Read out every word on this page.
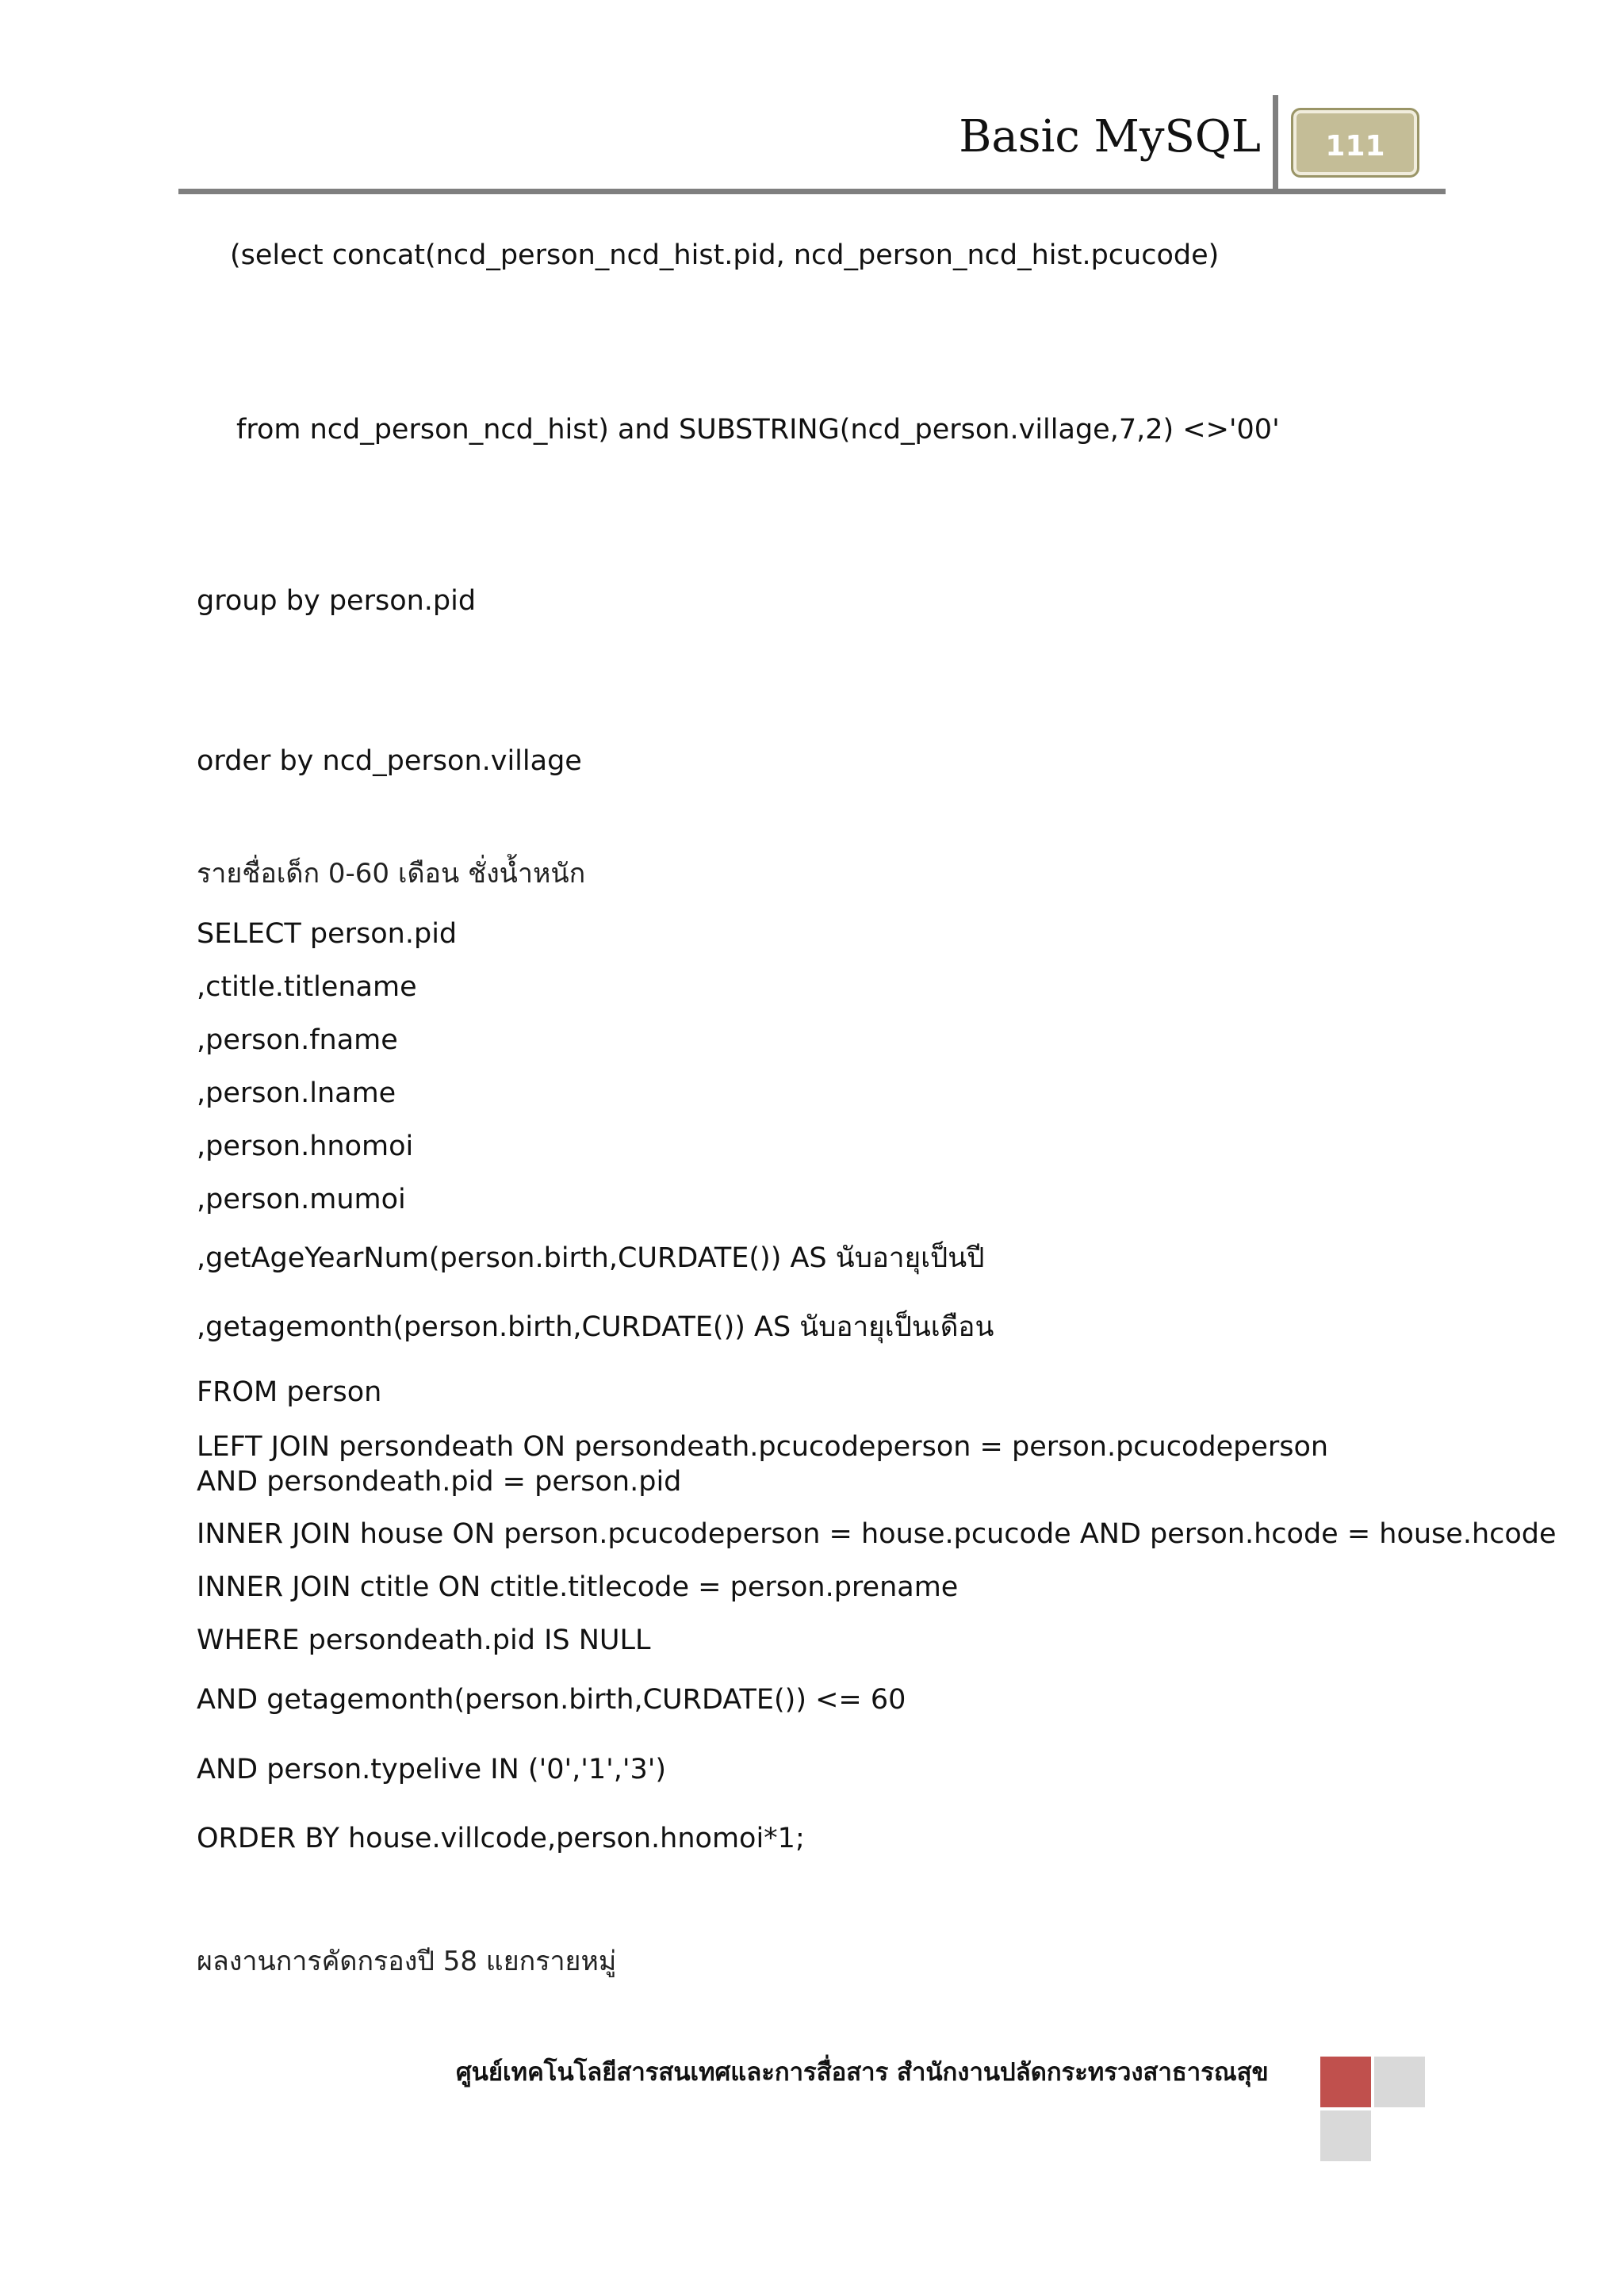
Basic MySQL	111
(select concat(ncd_person_ncd_hist.pid, ncd_person_ncd_hist.pcucode)
from ncd_person_ncd_hist) and SUBSTRING(ncd_person.village,7,2) <>'00'
group by person.pid
order by ncd_person.village
รายชื่อเด็ก 0-60 เดือน ชั่งน้ำหนัก
SELECT person.pid
,ctitle.titlename
,person.fname
,person.lname
,person.hnomoi
,person.mumoi
,getAgeYearNum(person.birth,CURDATE()) AS นับอายุเป็นปี
,getagemonth(person.birth,CURDATE()) AS นับอายุเป็นเดือน
FROM person
LEFT JOIN persondeath ON persondeath.pcucodeperson = person.pcucodeperson AND persondeath.pid = person.pid
INNER JOIN house ON person.pcucodeperson = house.pcucode AND person.hcode = house.hcode
INNER JOIN ctitle ON ctitle.titlecode = person.prename
WHERE persondeath.pid IS NULL
AND getagemonth(person.birth,CURDATE()) <= 60
AND person.typelive IN ('0','1','3')
ORDER BY house.villcode,person.hnomoi*1;
ผลงานการคัดกรองปี 58 แยกรายหมู่
ศูนย์เทคโนโลยีสารสนเทศและการสื่อสาร สำนักงานปลัดกระทรวงสาธารณสุข
